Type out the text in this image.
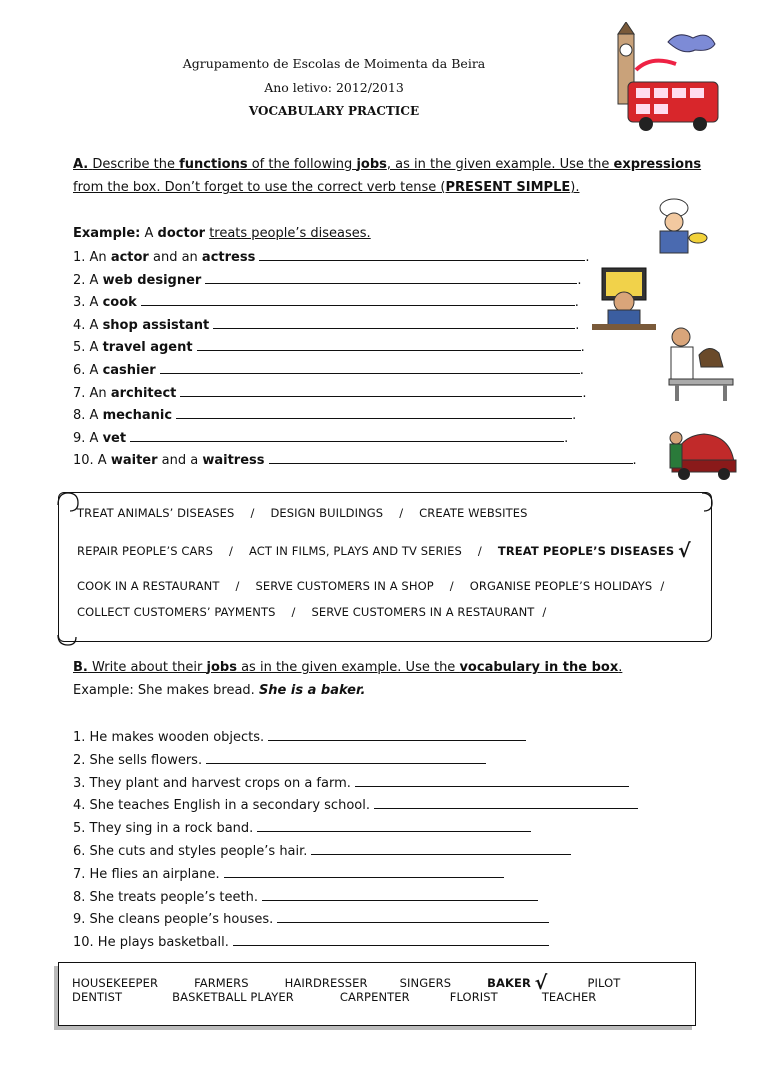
Agrupamento de Escolas de Moimenta da Beira
Ano letivo: 2012/2013
VOCABULARY PRACTICE
A. Describe the functions of the following jobs, as in the given example. Use the expressions
from the box. Don’t forget to use the correct verb tense (PRESENT SIMPLE).
Example: A doctor treats people’s diseases.
1. An actor and an actress	.
2. A web designer	.
3. A cook	.
4. A shop assistant	.
5. A travel agent	.
6. A cashier	.
7. An architect	.
8. A mechanic	.
9. A vet	.
10. A waiter and a waitress	.
TREAT ANIMALS’ DISEASES / DESIGN BUILDINGS / CREATE WEBSITES
REPAIR PEOPLE’S CARS / ACT IN FILMS, PLAYS AND TV SERIES / TREAT PEOPLE’S DISEASES √
COOK IN A RESTAURANT / SERVE CUSTOMERS IN A SHOP / ORGANISE PEOPLE’S HOLIDAYS /
COLLECT CUSTOMERS’ PAYMENTS / SERVE CUSTOMERS IN A RESTAURANT /
B. Write about their jobs as in the given example. Use the vocabulary in the box.
Example: She makes bread. She is a baker.
1. He makes wooden objects.
2. She sells flowers.
3. They plant and harvest crops on a farm.
4. She teaches English in a secondary school.
5. They sing in a rock band.
6. She cuts and styles people’s hair.
7. He flies an airplane.
8. She treats people’s teeth.
9. She cleans people’s houses.
10. He plays basketball.
HOUSEKEEPER	FARMERS	HAIRDRESSER	SINGERS	BAKER √	PILOT
DENTIST	BASKETBALL PLAYER	CARPENTER	FLORIST	TEACHER
